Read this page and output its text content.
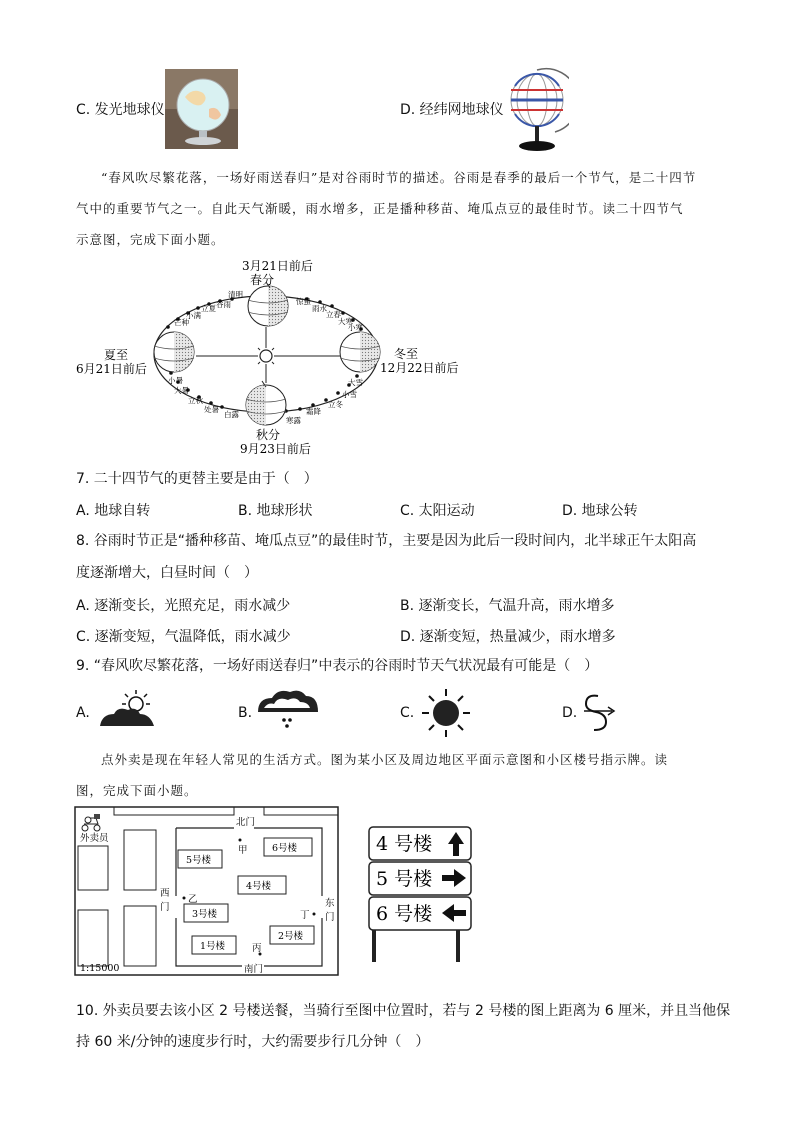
C. 发光地球仪	D. 经纬网地球仪
“春风吹尽繁花落，一场好雨送春归”是对谷雨时节的描述。谷雨是春季的最后一个节气，是二十四节
气中的重要节气之一。自此天气渐暖，雨水增多，正是播种移苗、埯瓜点豆的最佳时节。读二十四节气
示意图，完成下面小题。
3月21日前后
春分
夏至
6月21日前后
冬至
12月22日前后
秋分
9月23日前后
清明
谷雨
立夏
小满
芒种
小暑
大暑
立秋
处暑
白露
寒露
霜降
立冬
小雪
大雪
惊蛰
雨水
立春
大寒
小寒
7. 二十四节气的更替主要是由于（　）
A. 地球自转	B. 地球形状	C. 太阳运动	D. 地球公转
8. 谷雨时节正是“播种移苗、埯瓜点豆”的最佳时节，主要是因为此后一段时间内，北半球正午太阳高
度逐渐增大，白昼时间（　）
A. 逐渐变长，光照充足，雨水减少	B. 逐渐变长，气温升高，雨水增多
C. 逐渐变短，气温降低，雨水减少	D. 逐渐变短，热量减少，雨水增多
9. “春风吹尽繁花落，一场好雨送春归”中表示的谷雨时节天气状况最有可能是（　）
A.	B.	C.	D.
点外卖是现在年轻人常见的生活方式。图为某小区及周边地区平面示意图和小区楼号指示牌。读
图，完成下面小题。
外卖员
北门
西
门	东
门
南门
甲
乙
丙
丁
5号楼
6号楼
4号楼
3号楼
2号楼
1号楼
1:15000
4 号楼
5 号楼
6 号楼
10. 外卖员要去该小区 2 号楼送餐，当骑行至图中位置时，若与 2 号楼的图上距离为 6 厘米，并且当他保
持 60 米/分钟的速度步行时，大约需要步行几分钟（　）
